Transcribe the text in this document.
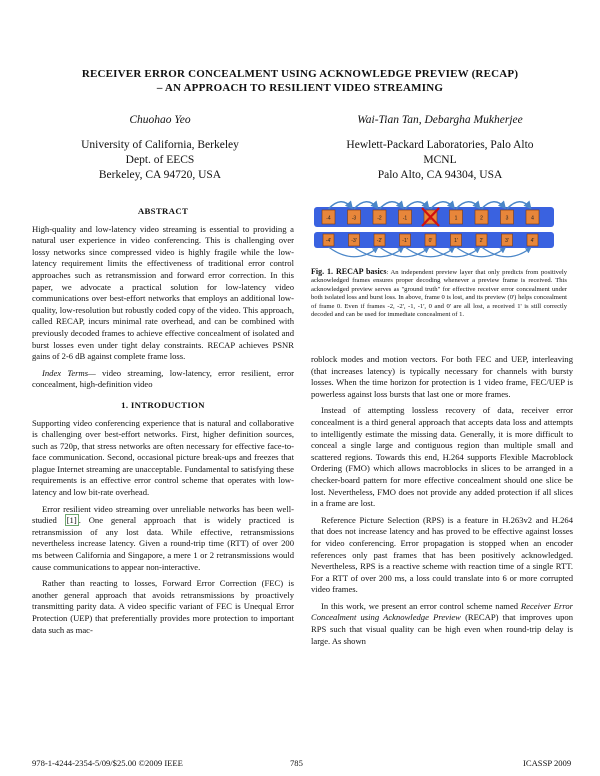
RECEIVER ERROR CONCEALMENT USING ACKNOWLEDGE PREVIEW (RECAP)
– AN APPROACH TO RESILIENT VIDEO STREAMING
Chuohao Yeo	Wai-Tian Tan, Debargha Mukherjee
University of California, Berkeley
Dept. of EECS
Berkeley, CA 94720, USA
Hewlett-Packard Laboratories, Palo Alto
MCNL
Palo Alto, CA 94304, USA

ABSTRACT

High-quality and low-latency video streaming is essential to providing a natural user experience in video conferencing. This is challenging over lossy networks since compressed video is highly fragile while the low-latency requirement limits the effectiveness of traditional error control approaches such as retransmission and forward error correction. In this paper, we advocate a practical solution for low-latency video communications over best-effort networks that employs an additional low-quality, low-resolution but robustly coded copy of the video. This approach, called RECAP, incurs minimal rate overhead, and can be combined with previously decoded frames to achieve effective concealment of isolated and burst losses even under tight delay constraints. RECAP achieves PSNR gains of 2-6 dB against complete frame loss.

Index Terms— video streaming, low-latency, error resilient, error concealment, high-definition video

1. INTRODUCTION

Supporting video conferencing experience that is natural and collaborative is challenging over best-effort networks. First, higher definition sources, such as 720p, that stress networks are often necessary for effective face-to-face communication. Second, occasional picture break-ups and freezes that plague Internet streaming are unacceptable. Fundamental to satisfying these requirements is an effective error control scheme that operates with low-latency and low bit-rate overhead.

Error resilient video streaming over unreliable networks has been well-studied [1] . One general approach that is widely practiced is retransmission of any lost data. While effective, retransmissions nevertheless increase latency. Given a round-trip time (RTT) of over 200 ms between California and Singapore, a mere 1 or 2 retransmissions would cause communications to appear non-interactive.

Rather than reacting to losses, Forward Error Correction (FEC) is another general approach that avoids retransmissions by proactively transmitting parity data. A video specific variant of FEC is Unequal Error Protection (UEP) that preferentially provides more protection to important data such as mac-

-4
-4'
-3
-3'
-2
-2'
-1
-1'	0'
1
1'
2
2'
3
3'
4
4'
Fig. 1. RECAP basics: An independent preview layer that only predicts from positively acknowledged frames ensures proper decoding whenever a preview frame is received. This acknowledged preview serves as "ground truth" for effective receiver error concealment under both isolated loss and burst loss. In above, frame 0 is lost, and its preview (0') helps concealment of frame 0. Even if frames -2, -2', -1, -1', 0 and 0' are all lost, a received 1' is still correctly decoded and can be used for immediate concealment of 1.

roblock modes and motion vectors. For both FEC and UEP, interleaving (that increases latency) is typically necessary for channels with bursty losses. When the time horizon for protection is 1 video frame, FEC/UEP is powerless against loss bursts that last one or more frames.

Instead of attempting lossless recovery of data, receiver error concealment is a third general approach that accepts data loss and attempts to intelligently estimate the missing data. Generally, it is more difficult to conceal a single large and contiguous region than multiple small and scattered regions. Towards this end, H.264 supports Flexible Macroblock Ordering (FMO) which allows macroblocks in slices to be arranged in a checker-board pattern for more effective concealment should one slice be lost. Nevertheless, FMO does not provide any added protection if all slices in a frame are lost.

Reference Picture Selection (RPS) is a feature in H.263v2 and H.264 that does not increase latency and has proved to be effective against losses for video conferencing. Error propagation is stopped when an encoder references only past frames that has been positively acknowledged. Nevertheless, RPS is a reactive scheme with reaction time of a single RTT. For a RTT of over 200 ms, a loss could translate into 6 or more corrupted video frames.

In this work, we present an error control scheme named Receiver Error Concealment using Acknowledge Preview (RECAP) that improves upon RPS such that visual quality can be high even when round-trip delay is large. As shown

978-1-4244-2354-5/09/$25.00 ©2009 IEEE	785	ICASSP 2009
